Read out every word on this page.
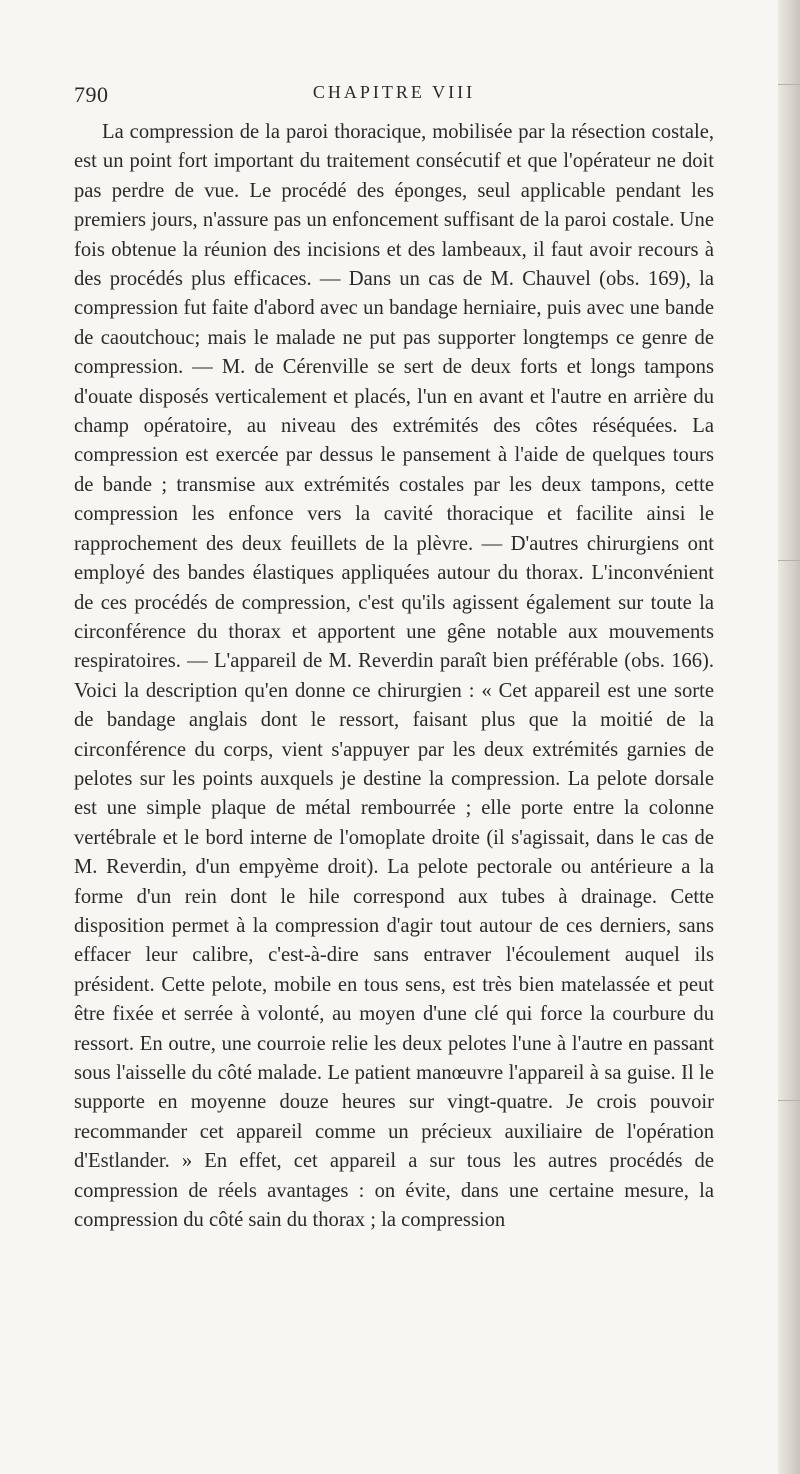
790	CHAPITRE VIII

La compression de la paroi thoracique, mobilisée par la résection costale, est un point fort important du traitement consécutif et que l'opérateur ne doit pas perdre de vue. Le procédé des éponges, seul applicable pendant les premiers jours, n'assure pas un enfoncement suffisant de la paroi costale. Une fois obtenue la réunion des incisions et des lambeaux, il faut avoir recours à des procédés plus efficaces. — Dans un cas de M. Chauvel (obs. 169), la compression fut faite d'abord avec un bandage herniaire, puis avec une bande de caoutchouc; mais le malade ne put pas supporter longtemps ce genre de compression. — M. de Cérenville se sert de deux forts et longs tampons d'ouate disposés verticalement et placés, l'un en avant et l'autre en arrière du champ opératoire, au niveau des extrémités des côtes réséquées. La compression est exercée par dessus le pansement à l'aide de quelques tours de bande ; transmise aux extrémités costales par les deux tampons, cette compression les enfonce vers la cavité thoracique et facilite ainsi le rapprochement des deux feuillets de la plèvre. — D'autres chirurgiens ont employé des bandes élastiques appliquées autour du thorax. L'inconvénient de ces procédés de compression, c'est qu'ils agissent également sur toute la circonférence du thorax et apportent une gêne notable aux mouvements respiratoires. — L'appareil de M. Reverdin paraît bien préférable (obs. 166). Voici la description qu'en donne ce chirurgien : « Cet appareil est une sorte de bandage anglais dont le ressort, faisant plus que la moitié de la circonférence du corps, vient s'appuyer par les deux extrémités garnies de pelotes sur les points auxquels je destine la compression. La pelote dorsale est une simple plaque de métal rembourrée ; elle porte entre la colonne vertébrale et le bord interne de l'omoplate droite (il s'agissait, dans le cas de M. Reverdin, d'un empyème droit). La pelote pectorale ou antérieure a la forme d'un rein dont le hile correspond aux tubes à drainage. Cette disposition permet à la compression d'agir tout autour de ces derniers, sans effacer leur calibre, c'est-à-dire sans entraver l'écoulement auquel ils président. Cette pelote, mobile en tous sens, est très bien matelassée et peut être fixée et serrée à volonté, au moyen d'une clé qui force la courbure du ressort. En outre, une courroie relie les deux pelotes l'une à l'autre en passant sous l'aisselle du côté malade. Le patient manœuvre l'appareil à sa guise. Il le supporte en moyenne douze heures sur vingt-quatre. Je crois pouvoir recommander cet appareil comme un précieux auxiliaire de l'opération d'Estlander. » En effet, cet appareil a sur tous les autres procédés de compression de réels avantages : on évite, dans une certaine mesure, la compression du côté sain du thorax ; la compression
